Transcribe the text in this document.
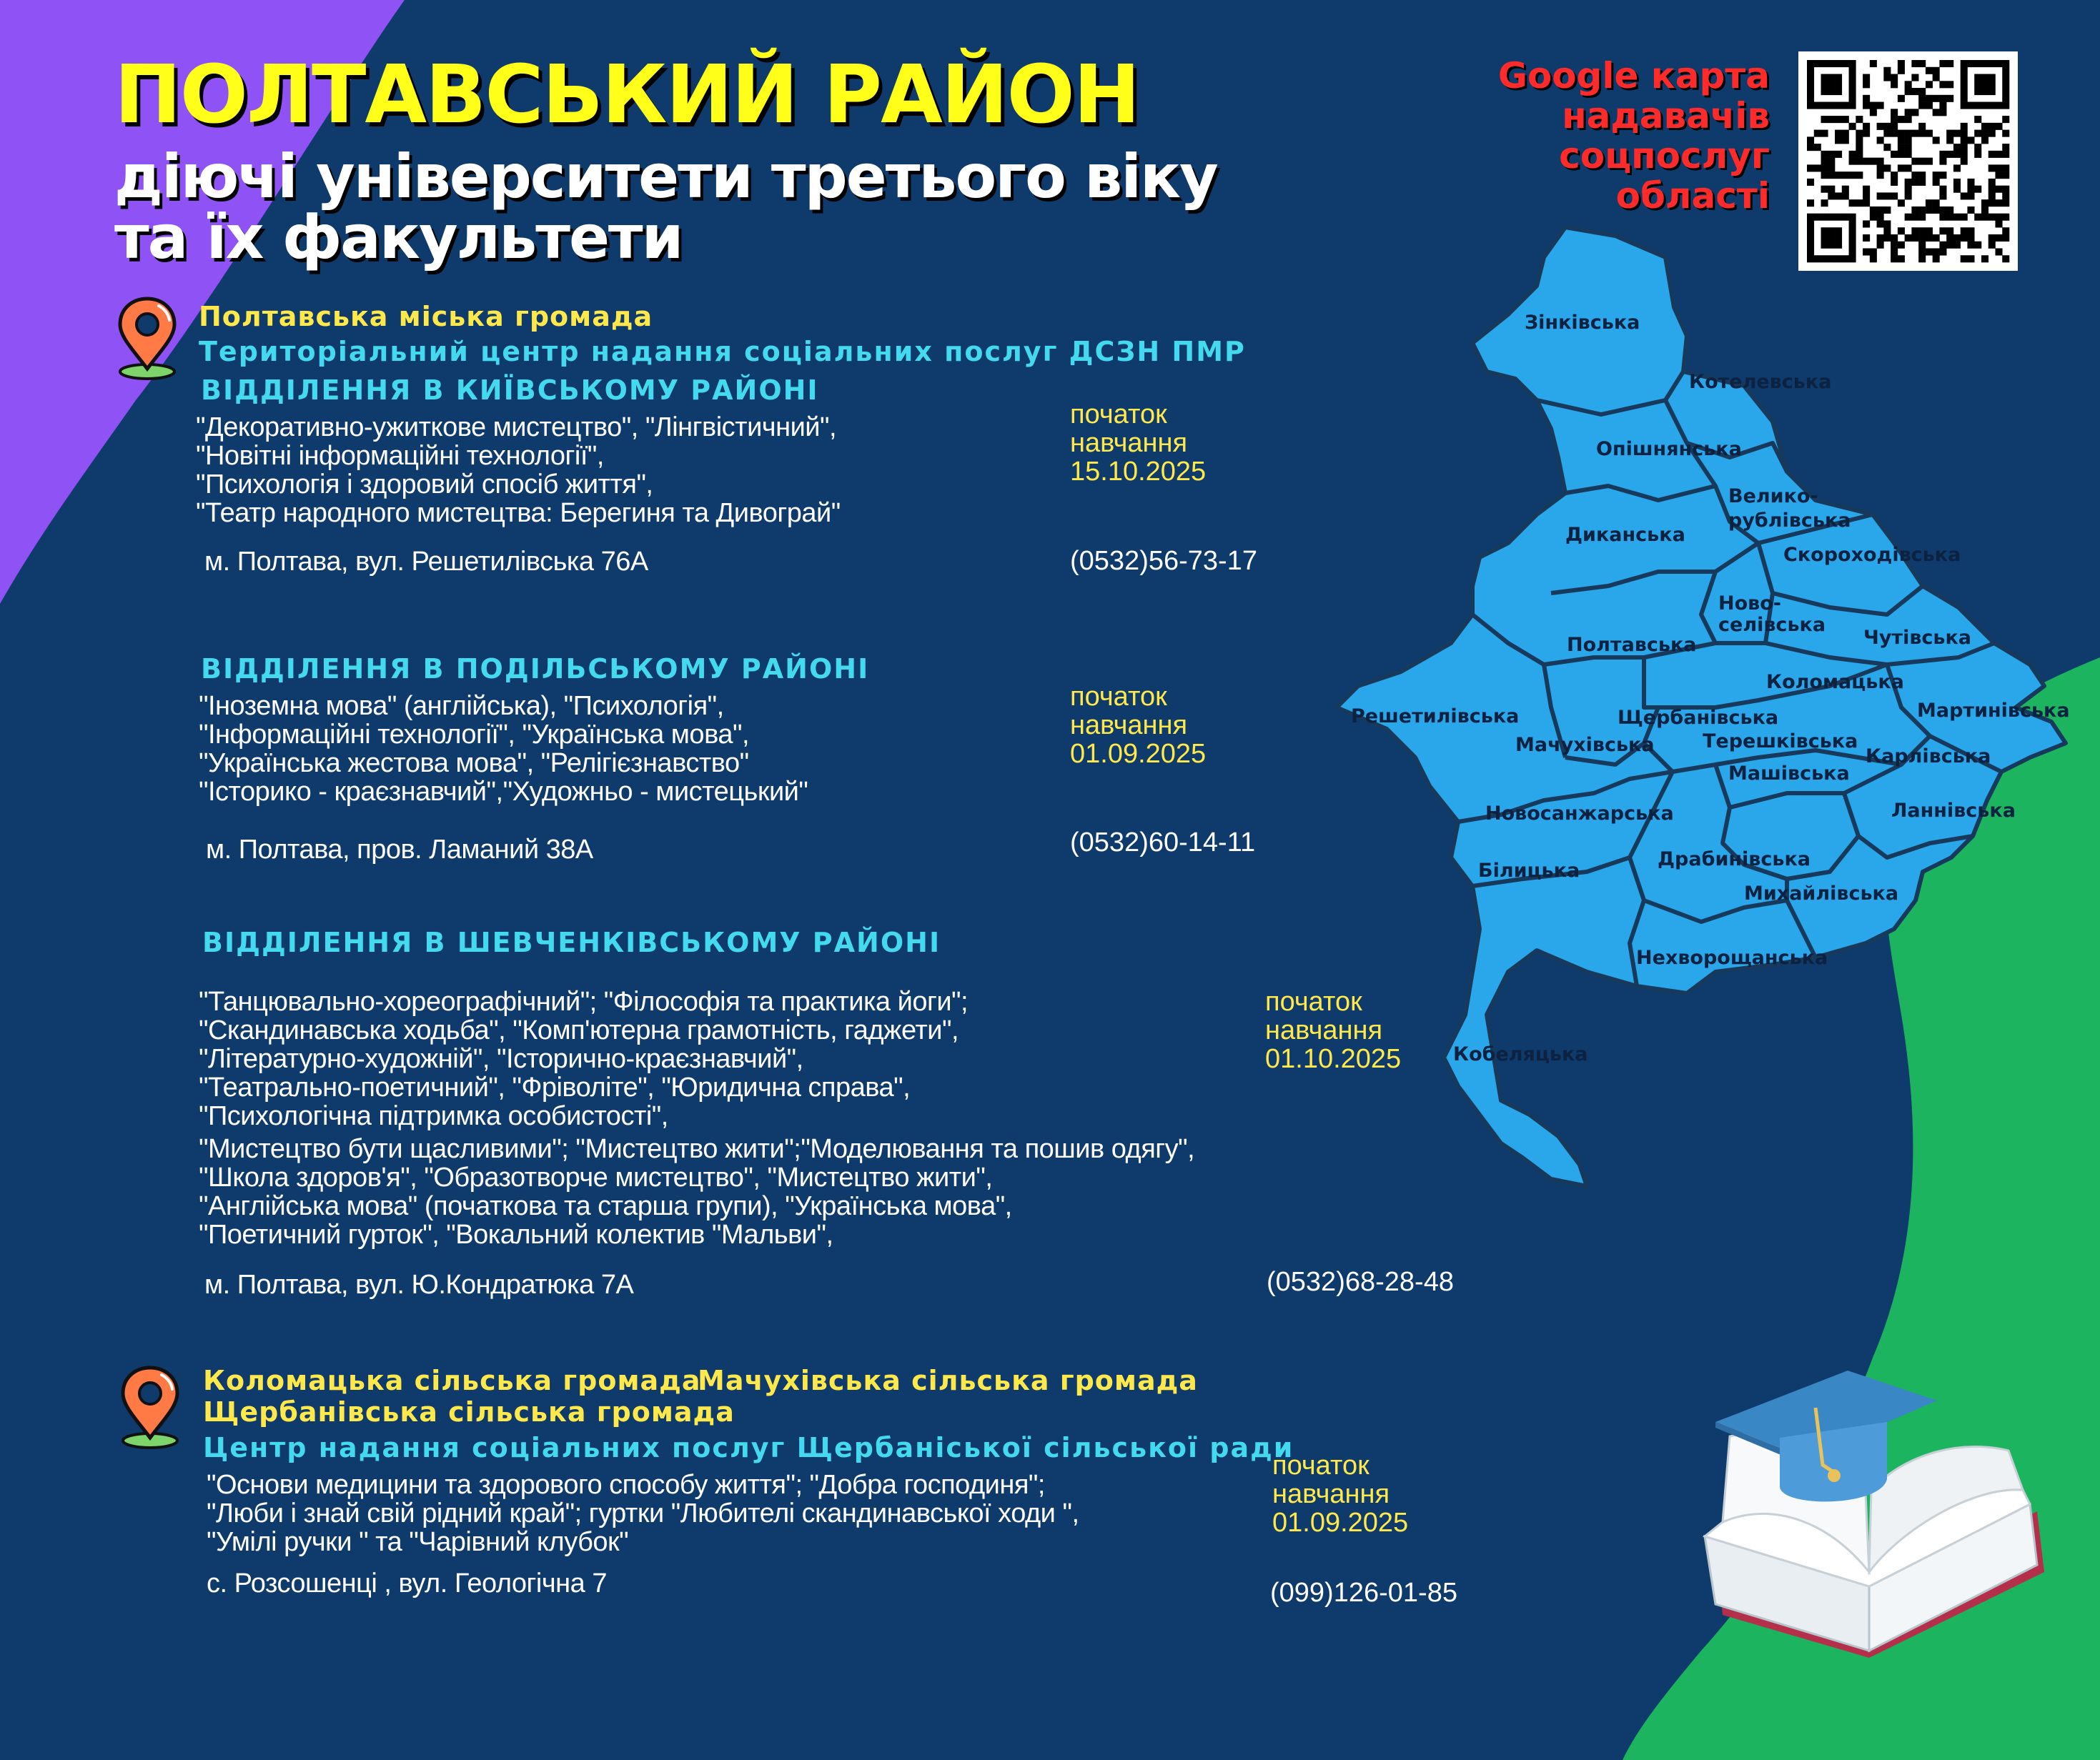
ПОЛТАВСЬКИЙ РАЙОН
діючі університети третього віку
та їх факультети
Google карта
надавачів
соцпослуг
області
Зінківська
Котелевська
Опішнянська
Велико-
рублівська
Диканська
Скороходівська
Ново-
селівська
Полтавська	Чутівська
Коломацька
Мартинівська
Решетилівська	Щербанівська
Мачухівська Терешківська
Карлівська
Машівська
Новосанжарська	Ланнівська
Драбинівська
Білицька
Михайлівська
Нехворощанська
Кобеляцька
Полтавська міська громада
Територіальний центр надання соціальних послуг ДСЗН ПМР
ВІДДІЛЕННЯ В КИЇВСЬКОМУ РАЙОНІ
"Декоративно-ужиткове мистецтво", "Лінгвістичний",
"Новітні інформаційні технології",
"Психологія і здоровий спосіб життя",
"Театр народного мистецтва: Берегиня та Дивограй"
початок
навчання
15.10.2025
м. Полтава, вул. Решетилівська 76А	(0532)56-73-17
ВІДДІЛЕННЯ В ПОДІЛЬСЬКОМУ РАЙОНІ
"Іноземна мова" (англійська), "Психологія",
"Інформаційні технології", "Українська мова",
"Українська жестова мова", "Релігієзнавство"
"Історико - краєзнавчий","Художньо - мистецький"
початок
навчання
01.09.2025
м. Полтава, пров. Ламаний 38А	(0532)60-14-11
ВІДДІЛЕННЯ В ШЕВЧЕНКІВСЬКОМУ РАЙОНІ
"Танцювально-хореографічний"; "Філософія та практика йоги";
"Скандинавська ходьба", "Комп'ютерна грамотність, гаджети",
"Літературно-художній", "Історично-краєзнавчий",
"Театрально-поетичний", "Фріволіте", "Юридична справа",
"Психологічна підтримка особистості",
"Мистецтво бути щасливими"; "Мистецтво жити";"Моделювання та пошив одягу",
"Школа здоров'я", "Образотворче мистецтво", "Мистецтво жити",
"Англійська мова" (початкова та старша групи), "Українська мова",
"Поетичний гурток", "Вокальний колектив "Мальви",
початок
навчання
01.10.2025
м. Полтава, вул. Ю.Кондратюка 7А	(0532)68-28-48
Коломацька сільська громада
Мачухівська сільська громада
Щербанівська сільська громада
Центр надання соціальних послуг Щербаніської сільської ради
"Основи медицини та здорового способу життя"; "Добра господиня";
"Люби і знай свій рідний край"; гуртки "Любителі скандинавської ходи ",
"Умілі ручки " та "Чарівний клубок"
початок
навчання
01.09.2025
с. Розсошенці , вул. Геологічна 7	(099)126-01-85
